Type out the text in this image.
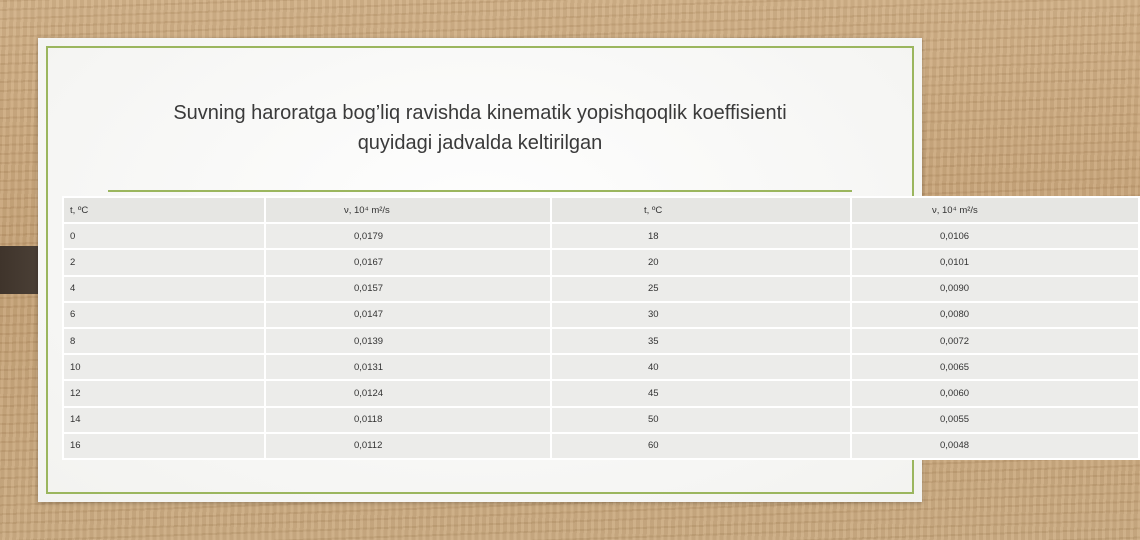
Suvning haroratga bog’liq ravishda kinematik yopishqoqlik koeffisienti
quyidagi jadvalda keltirilgan
t, ºC	ν, 10⁴ m²/s	t, ºC	ν, 10⁴ m²/s
0	0,0179	18	0,0106
2	0,0167	20	0,0101
4	0,0157	25	0,0090
6	0,0147	30	0,0080
8	0,0139	35	0,0072
10	0,0131	40	0,0065
12	0,0124	45	0,0060
14	0,0118	50	0,0055
16	0,0112	60	0,0048
